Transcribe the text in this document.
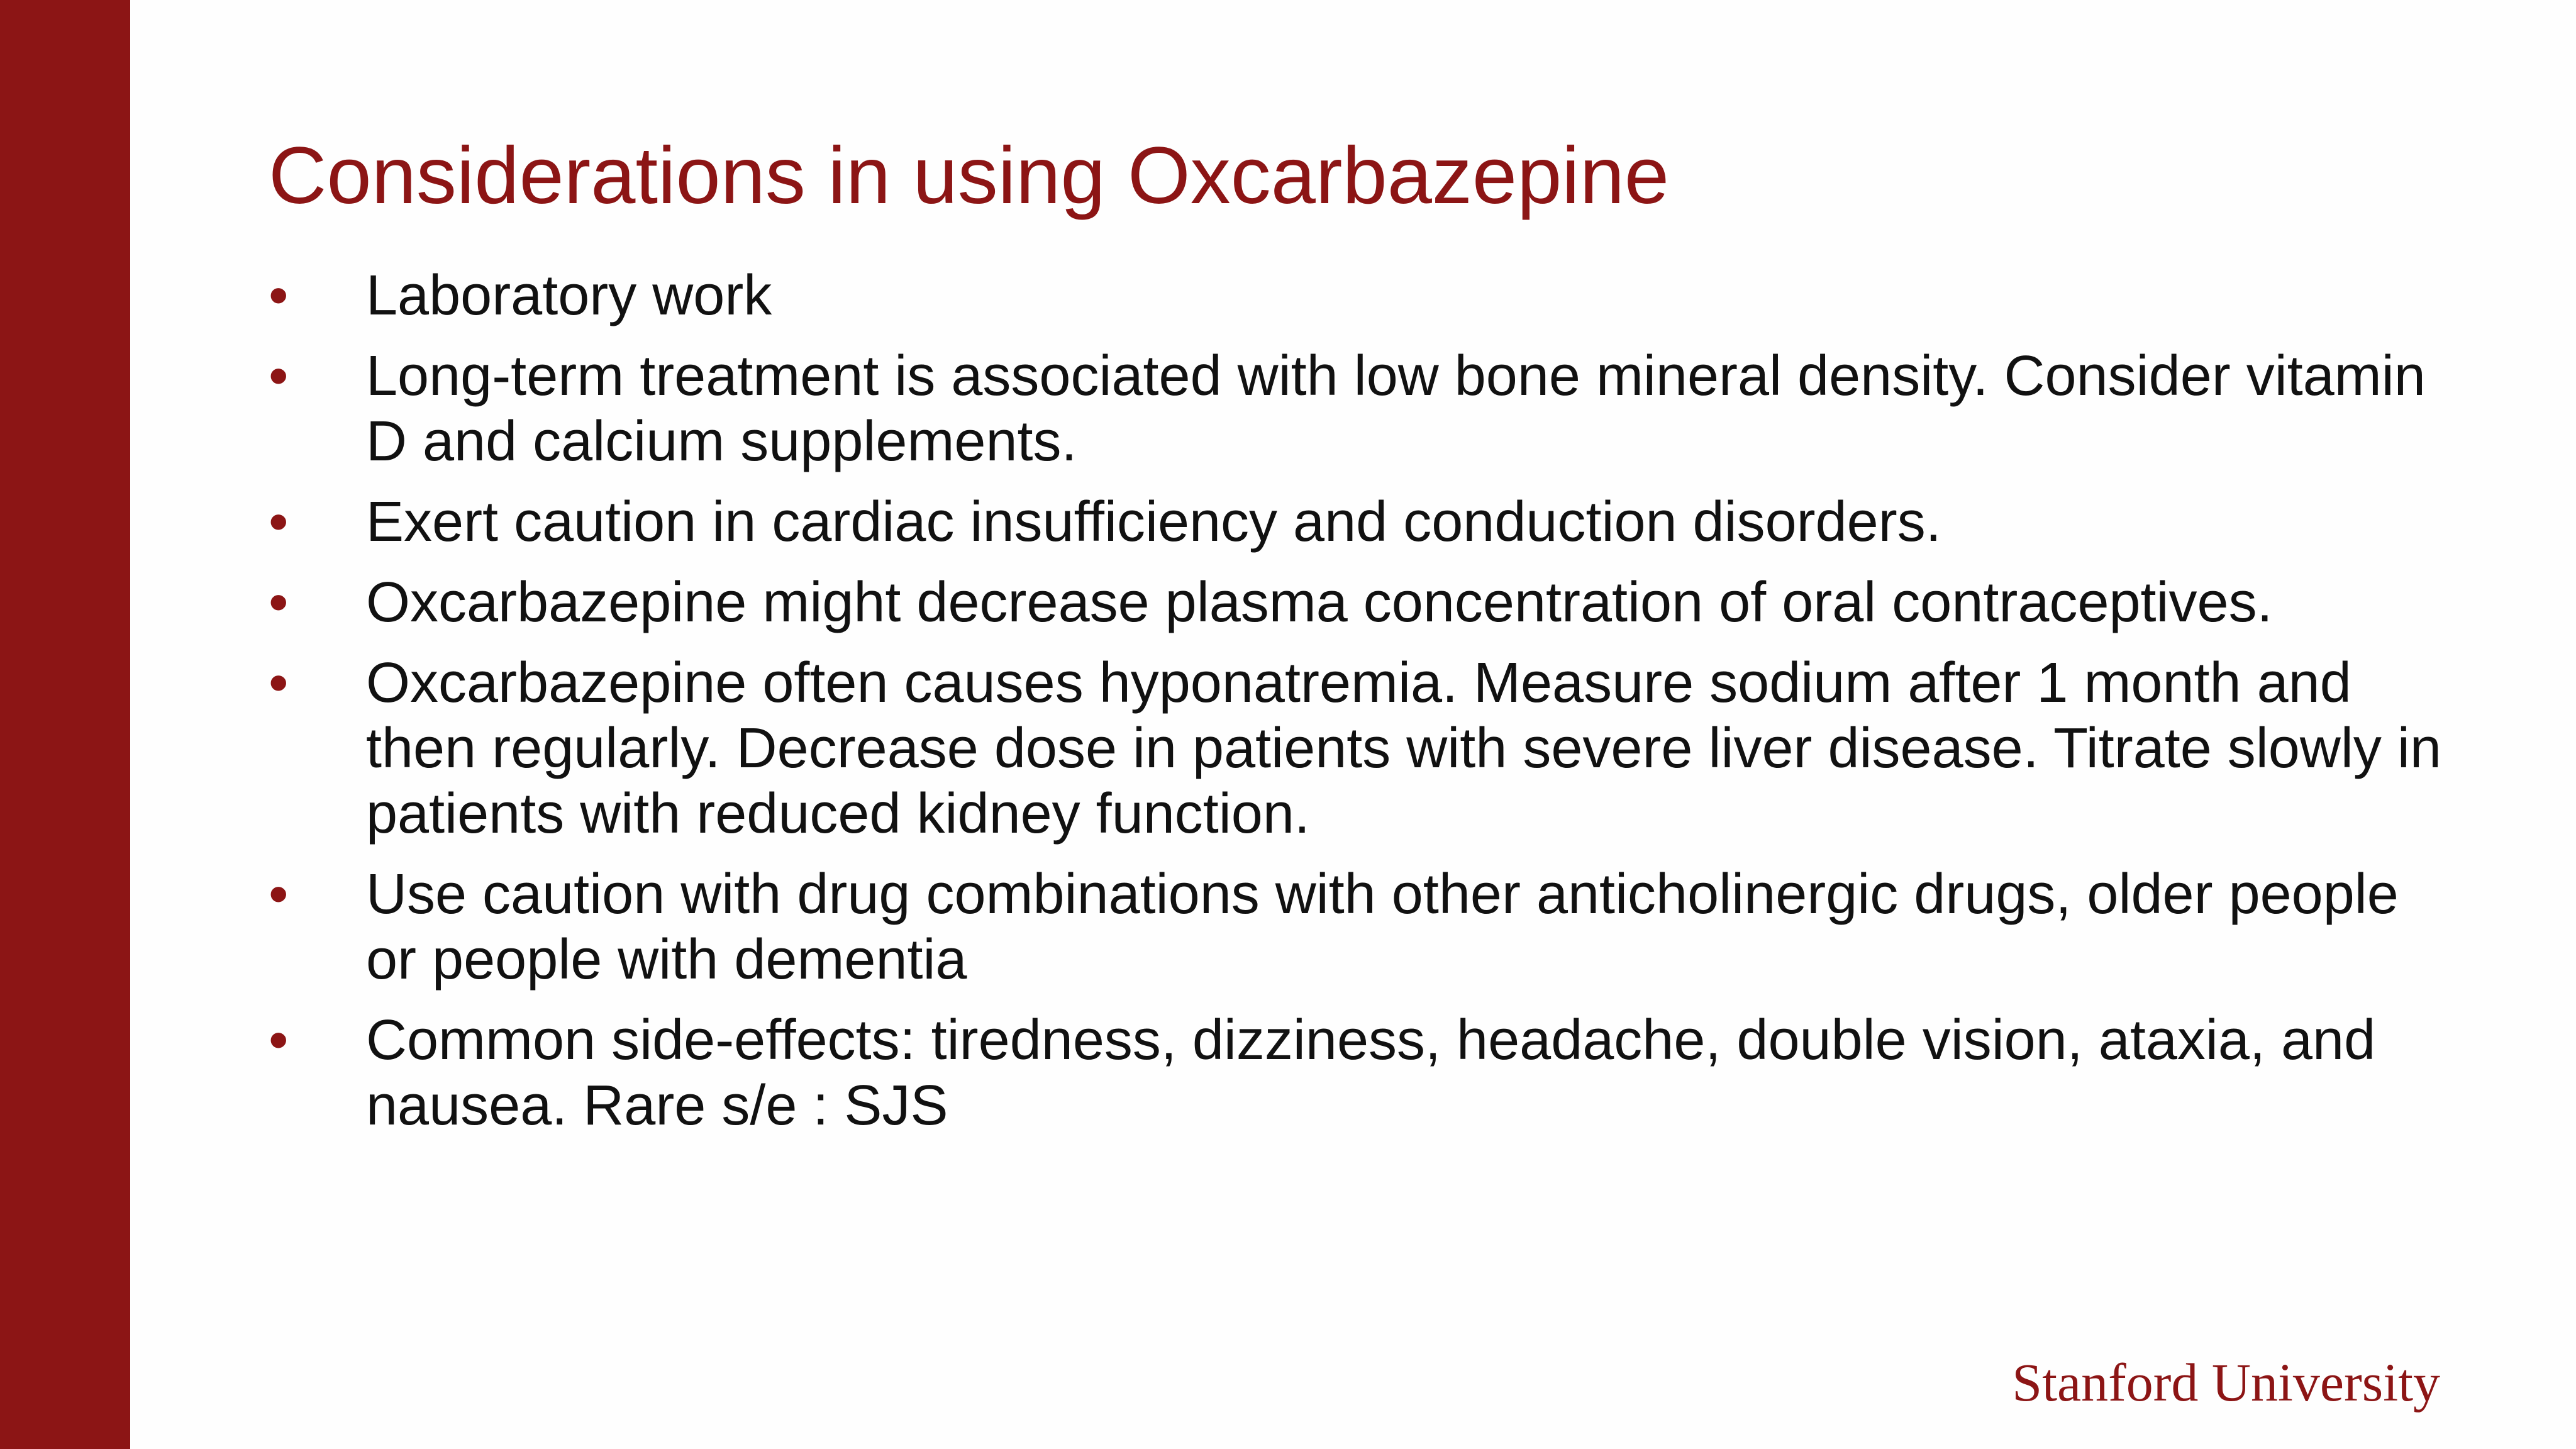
Considerations in using Oxcarbazepine
•	Laboratory work
•	Long-term treatment is associated with low bone mineral density. Consider vitamin D and calcium supplements.
•	Exert caution in cardiac insufficiency and conduction disorders.
•	Oxcarbazepine might decrease plasma concentration of oral contraceptives.
•	Oxcarbazepine often causes hyponatremia. Measure sodium after 1 month and then regularly. Decrease dose in patients with severe liver disease. Titrate slowly in patients with reduced kidney function.
•	Use caution with drug combinations with other anticholinergic drugs, older people or people with dementia
•	Common side-effects: tiredness, dizziness, headache, double vision, ataxia, and nausea. Rare s/e : SJS
Stanford University
